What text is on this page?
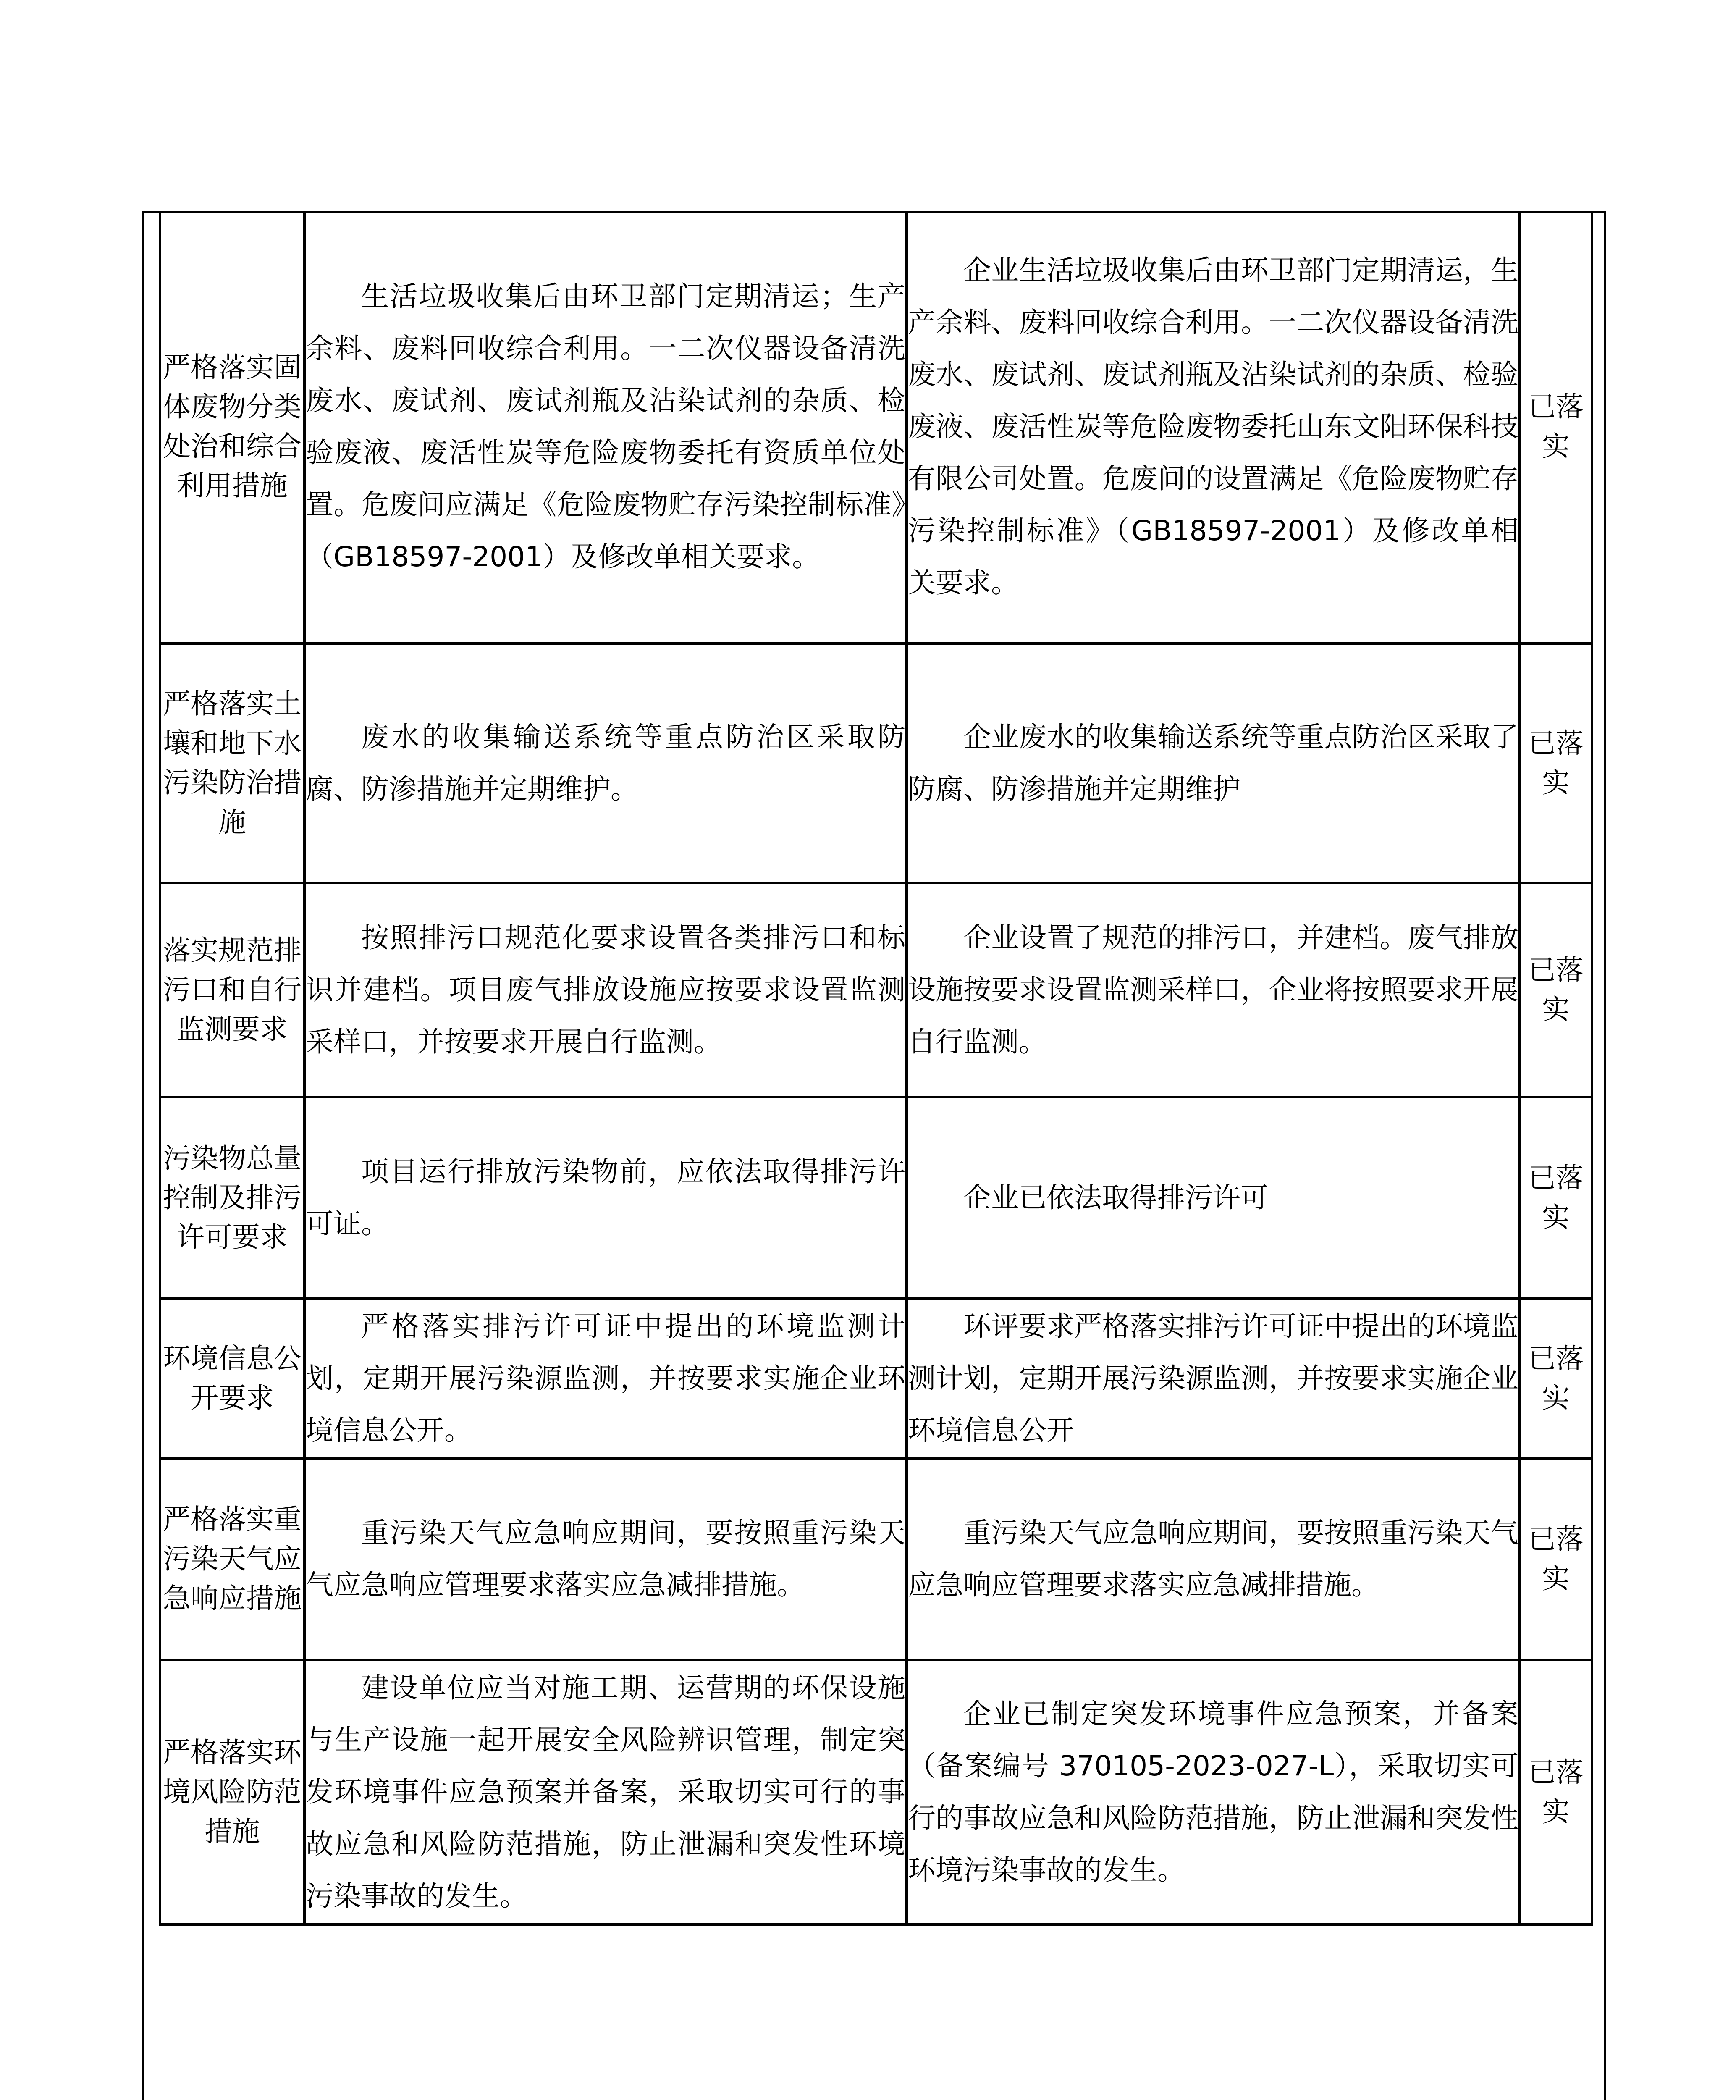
严格落实固体废物分类处治和综合利用措施	生活垃圾收集后由环卫部门定期清运；生产余料、废料回收综合利用。一二次仪器设备清洗废水、废试剂、废试剂瓶及沾染试剂的杂质、检验废液、废活性炭等危险废物委托有资质单位处置。危废间应满足《危险废物贮存污染控制标准》（GB18597-2001）及修改单相关要求。	企业生活垃圾收集后由环卫部门定期清运，生产余料、废料回收综合利用。一二次仪器设备清洗废水、废试剂、废试剂瓶及沾染试剂的杂质、检验废液、废活性炭等危险废物委托山东文阳环保科技有限公司处置。危废间的设置满足《危险废物贮存污染控制标准》（GB18597-2001）及修改单相关要求。	已落实
严格落实土壤和地下水污染防治措施	废水的收集输送系统等重点防治区采取防腐、防渗措施并定期维护。	企业废水的收集输送系统等重点防治区采取了防腐、防渗措施并定期维护	已落实
落实规范排污口和自行监测要求	按照排污口规范化要求设置各类排污口和标识并建档。项目废气排放设施应按要求设置监测采样口，并按要求开展自行监测。	企业设置了规范的排污口，并建档。废气排放设施按要求设置监测采样口，企业将按照要求开展自行监测。	已落实
污染物总量控制及排污许可要求	项目运行排放污染物前，应依法取得排污许可证。	企业已依法取得排污许可	已落实
环境信息公开要求	严格落实排污许可证中提出的环境监测计划，定期开展污染源监测，并按要求实施企业环境信息公开。	环评要求严格落实排污许可证中提出的环境监测计划，定期开展污染源监测，并按要求实施企业环境信息公开	已落实
严格落实重污染天气应急响应措施	重污染天气应急响应期间，要按照重污染天气应急响应管理要求落实应急减排措施。	重污染天气应急响应期间，要按照重污染天气应急响应管理要求落实应急减排措施。	已落实
严格落实环境风险防范措施	建设单位应当对施工期、运营期的环保设施与生产设施一起开展安全风险辨识管理，制定突发环境事件应急预案并备案，采取切实可行的事故应急和风险防范措施，防止泄漏和突发性环境污染事故的发生。	企业已制定突发环境事件应急预案，并备案（备案编号 370105-2023-027-L），采取切实可行的事故应急和风险防范措施，防止泄漏和突发性环境污染事故的发生。	已落实
